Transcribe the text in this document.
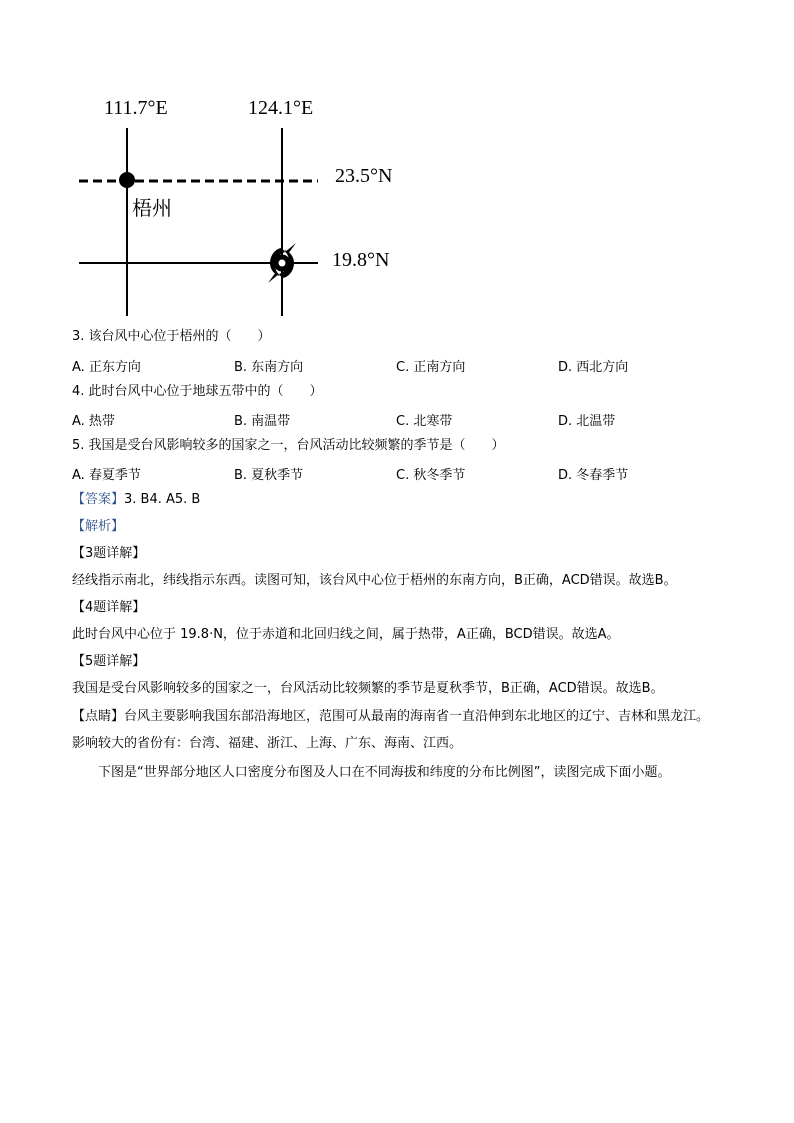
111.7°E	124.1°E
23.5°N
19.8°N
梧州
3. 该台风中心位于梧州的（　　）
A. 正东方向	B. 东南方向	C. 正南方向	D. 西北方向
4. 此时台风中心位于地球五带中的（　　）
A. 热带	B. 南温带	C. 北寒带	D. 北温带
5. 我国是受台风影响较多的国家之一，台风活动比较频繁的季节是（　　）
A. 春夏季节	B. 夏秋季节	C. 秋冬季节	D. 冬春季节
【答案】3. B4. A5. B
【解析】
【3题详解】
经线指示南北，纬线指示东西。读图可知，该台风中心位于梧州的东南方向，B正确，ACD错误。故选B。
【4题详解】
此时台风中心位于 19.8·N，位于赤道和北回归线之间，属于热带，A正确，BCD错误。故选A。
【5题详解】
我国是受台风影响较多的国家之一，台风活动比较频繁的季节是夏秋季节，B正确，ACD错误。故选B。
【点睛】台风主要影响我国东部沿海地区，范围可从最南的海南省一直沿伸到东北地区的辽宁、吉林和黑龙江。影响较大的省份有：台湾、福建、浙江、上海、广东、海南、江西。
下图是“世界部分地区人口密度分布图及人口在不同海拔和纬度的分布比例图”，读图完成下面小题。
